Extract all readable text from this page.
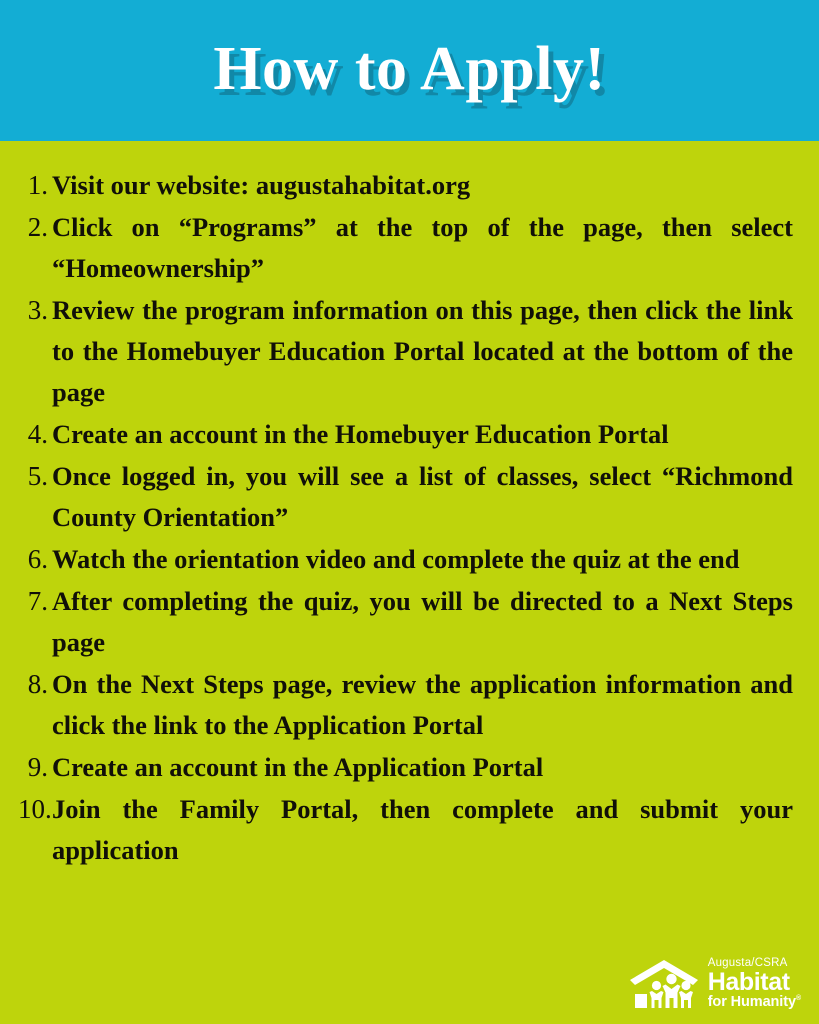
How to Apply!
1. Visit our website: augustahabitat.org
2. Click on “Programs” at the top of the page, then select “Homeownership”
3. Review the program information on this page, then click the link to the Homebuyer Education Portal located at the bottom of the page
4. Create an account in the Homebuyer Education Portal
5. Once logged in, you will see a list of classes, select “Richmond County Orientation”
6. Watch the orientation video and complete the quiz at the end
7. After completing the quiz, you will be directed to a Next Steps page
8. On the Next Steps page, review the application information and click the link to the Application Portal
9. Create an account in the Application Portal
10. Join the Family Portal, then complete and submit your application
Augusta/CSRA
Habitat
for Humanity®
